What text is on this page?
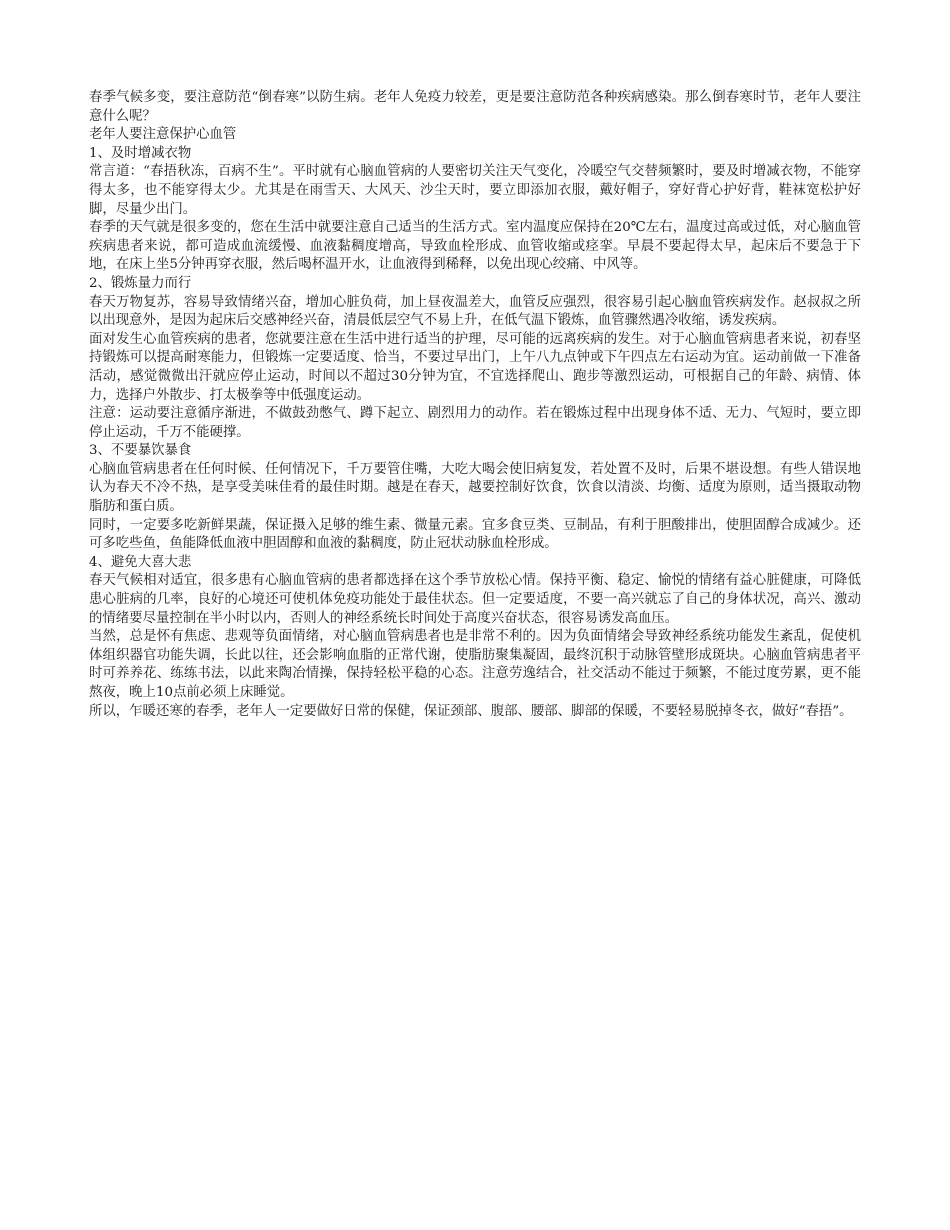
春季气候多变，要注意防范“倒春寒”以防生病。老年人免疫力较差，更是要注意防范各种疾病感染。那么倒春寒时节，老年人要注意什么呢？

老年人要注意保护心血管

1、及时增减衣物

常言道：“春捂秋冻，百病不生”。平时就有心脑血管病的人要密切关注天气变化，冷暖空气交替频繁时，要及时增减衣物，不能穿得太多，也不能穿得太少。尤其是在雨雪天、大风天、沙尘天时，要立即添加衣服，戴好帽子，穿好背心护好背，鞋袜宽松护好脚，尽量少出门。

春季的天气就是很多变的，您在生活中就要注意自己适当的生活方式。室内温度应保持在20℃左右，温度过高或过低，对心脑血管疾病患者来说，都可造成血流缓慢、血液黏稠度增高，导致血栓形成、血管收缩或痉挛。早晨不要起得太早，起床后不要急于下地，在床上坐5分钟再穿衣服，然后喝杯温开水，让血液得到稀释，以免出现心绞痛、中风等。

2、锻炼量力而行

春天万物复苏，容易导致情绪兴奋，增加心脏负荷，加上昼夜温差大，血管反应强烈，很容易引起心脑血管疾病发作。赵叔叔之所以出现意外，是因为起床后交感神经兴奋，清晨低层空气不易上升，在低气温下锻炼，血管骤然遇冷收缩，诱发疾病。

面对发生心血管疾病的患者，您就要注意在生活中进行适当的护理，尽可能的远离疾病的发生。对于心脑血管病患者来说，初春坚持锻炼可以提高耐寒能力，但锻炼一定要适度、恰当，不要过早出门，上午八九点钟或下午四点左右运动为宜。运动前做一下准备活动，感觉微微出汗就应停止运动，时间以不超过30分钟为宜，不宜选择爬山、跑步等激烈运动，可根据自己的年龄、病情、体力，选择户外散步、打太极拳等中低强度运动。

注意：运动要注意循序渐进，不做鼓劲憋气、蹲下起立、剧烈用力的动作。若在锻炼过程中出现身体不适、无力、气短时，要立即停止运动，千万不能硬撑。

3、不要暴饮暴食

心脑血管病患者在任何时候、任何情况下，千万要管住嘴，大吃大喝会使旧病复发，若处置不及时，后果不堪设想。有些人错误地认为春天不冷不热，是享受美味佳肴的最佳时期。越是在春天，越要控制好饮食，饮食以清淡、均衡、适度为原则，适当摄取动物脂肪和蛋白质。

同时，一定要多吃新鲜果蔬，保证摄入足够的维生素、微量元素。宜多食豆类、豆制品，有利于胆酸排出，使胆固醇合成减少。还可多吃些鱼，鱼能降低血液中胆固醇和血液的黏稠度，防止冠状动脉血栓形成。

4、避免大喜大悲

春天气候相对适宜，很多患有心脑血管病的患者都选择在这个季节放松心情。保持平衡、稳定、愉悦的情绪有益心脏健康，可降低患心脏病的几率，良好的心境还可使机体免疫功能处于最佳状态。但一定要适度，不要一高兴就忘了自己的身体状况，高兴、激动的情绪要尽量控制在半小时以内，否则人的神经系统长时间处于高度兴奋状态，很容易诱发高血压。

当然，总是怀有焦虑、悲观等负面情绪，对心脑血管病患者也是非常不利的。因为负面情绪会导致神经系统功能发生紊乱，促使机体组织器官功能失调，长此以往，还会影响血脂的正常代谢，使脂肪聚集凝固，最终沉积于动脉管壁形成斑块。心脑血管病患者平时可养养花、练练书法，以此来陶冶情操，保持轻松平稳的心态。注意劳逸结合，社交活动不能过于频繁，不能过度劳累，更不能熬夜，晚上10点前必须上床睡觉。

所以，乍暖还寒的春季，老年人一定要做好日常的保健，保证颈部、腹部、腰部、脚部的保暖，不要轻易脱掉冬衣，做好“春捂”。
